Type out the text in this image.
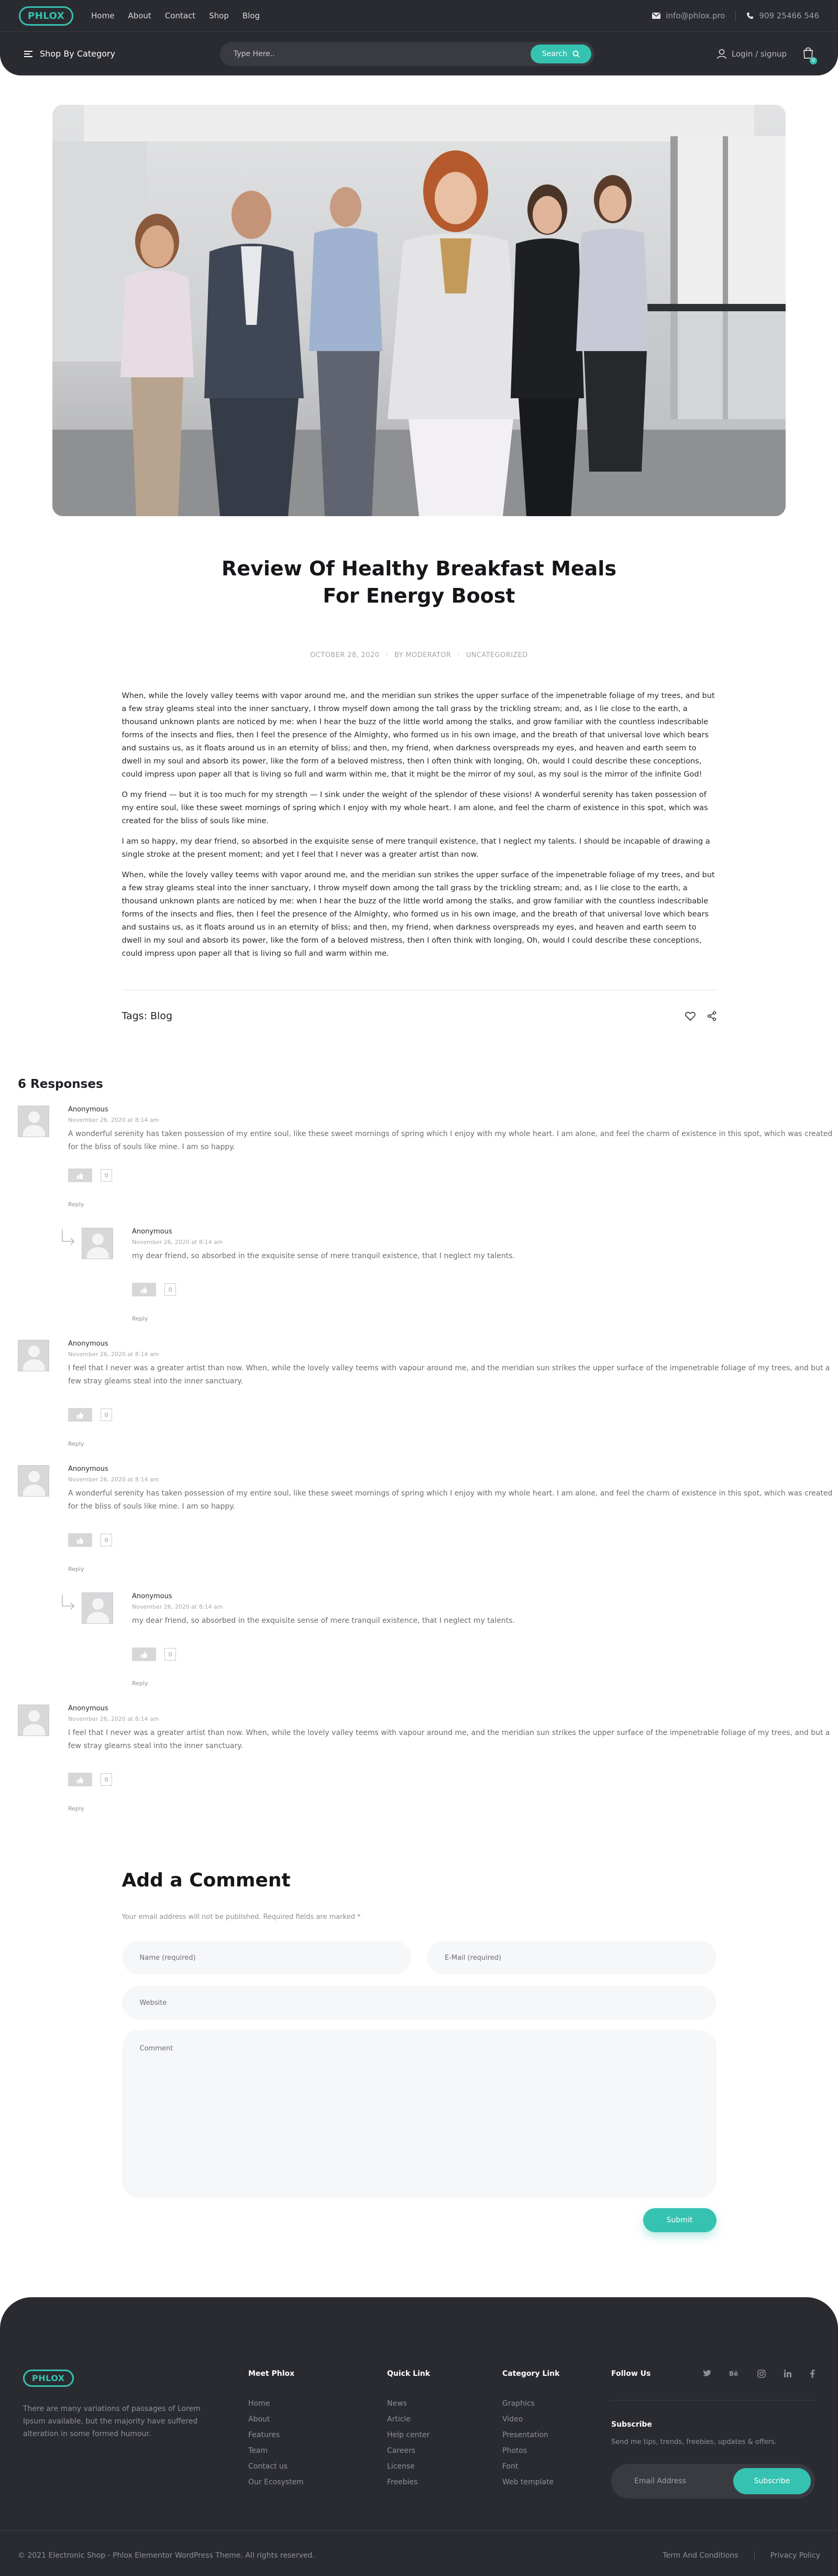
PHLOX	Home About Contact Shop Blog	info@phlox.pro	909 25466 546
Shop By Category
Type Here..	Search	Login / signup
0
Review Of Healthy Breakfast Meals
For Energy Boost
OCTOBER 28, 2020 · BY MODERATOR · UNCATEGORIZED

When, while the lovely valley teems with vapor around me, and the meridian sun strikes the upper surface of the impenetrable foliage of my trees, and but a few stray gleams steal into the inner sanctuary, I throw myself down among the tall grass by the trickling stream; and, as I lie close to the earth, a thousand unknown plants are noticed by me: when I hear the buzz of the little world among the stalks, and grow familiar with the countless indescribable forms of the insects and flies, then I feel the presence of the Almighty, who formed us in his own image, and the breath of that universal love which bears and sustains us, as it floats around us in an eternity of bliss; and then, my friend, when darkness overspreads my eyes, and heaven and earth seem to dwell in my soul and absorb its power, like the form of a beloved mistress, then I often think with longing, Oh, would I could describe these conceptions, could impress upon paper all that is living so full and warm within me, that it might be the mirror of my soul, as my soul is the mirror of the infinite God!

O my friend — but it is too much for my strength — I sink under the weight of the splendor of these visions! A wonderful serenity has taken possession of my entire soul, like these sweet mornings of spring which I enjoy with my whole heart. I am alone, and feel the charm of existence in this spot, which was created for the bliss of souls like mine.

I am so happy, my dear friend, so absorbed in the exquisite sense of mere tranquil existence, that I neglect my talents. I should be incapable of drawing a single stroke at the present moment; and yet I feel that I never was a greater artist than now.

When, while the lovely valley teems with vapor around me, and the meridian sun strikes the upper surface of the impenetrable foliage of my trees, and but a few stray gleams steal into the inner sanctuary, I throw myself down among the tall grass by the trickling stream; and, as I lie close to the earth, a thousand unknown plants are noticed by me: when I hear the buzz of the little world among the stalks, and grow familiar with the countless indescribable forms of the insects and flies, then I feel the presence of the Almighty, who formed us in his own image, and the breath of that universal love which bears and sustains us, as it floats around us in an eternity of bliss; and then, my friend, when darkness overspreads my eyes, and heaven and earth seem to dwell in my soul and absorb its power, like the form of a beloved mistress, then I often think with longing, Oh, would I could describe these conceptions, could impress upon paper all that is living so full and warm within me.

Tags: Blog
6 Responses
Anonymous
November 26, 2020 at 8:14 am
A wonderful serenity has taken possession of my entire soul, like these sweet mornings of spring which I enjoy with my whole heart. I am alone, and feel the charm of existence in this spot, which was created for the bliss of souls like mine. I am so happy.
0
Reply
Anonymous
November 26, 2020 at 8:14 am
my dear friend, so absorbed in the exquisite sense of mere tranquil existence, that I neglect my talents.
0
Reply
Anonymous
November 26, 2020 at 8:14 am
I feel that I never was a greater artist than now. When, while the lovely valley teems with vapour around me, and the meridian sun strikes the upper surface of the impenetrable foliage of my trees, and but a few stray gleams steal into the inner sanctuary.
0
Reply
Anonymous
November 26, 2020 at 8:14 am
A wonderful serenity has taken possession of my entire soul, like these sweet mornings of spring which I enjoy with my whole heart. I am alone, and feel the charm of existence in this spot, which was created for the bliss of souls like mine. I am so happy.
0
Reply
Anonymous
November 26, 2020 at 8:14 am
my dear friend, so absorbed in the exquisite sense of mere tranquil existence, that I neglect my talents.
0
Reply
Anonymous
November 26, 2020 at 8:14 am
I feel that I never was a greater artist than now. When, while the lovely valley teems with vapour around me, and the meridian sun strikes the upper surface of the impenetrable foliage of my trees, and but a few stray gleams steal into the inner sanctuary.
0
Reply
Add a Comment
Your email address will not be published. Required fields are marked *
Name (required)
E-Mail (required)
Website
Comment
Submit
PHLOX

There are many variations of passages of Lorem Ipsum available, but the majority have suffered alteration in some formed humour.

Meet Phlox
Home
About
Features
Team
Contact us
Our Ecosystem
Quick Link
News
Article
Help center
Careers
License
Freebies
Category Link
Graphics
Video
Presentation
Photos
Font
Web template
Follow Us	Bē
Subscribe
Send me tips, trends, freebies, updates & offers.
Email Address
Subscribe
© 2021 Electronic Shop - Phlox Elementor WordPress Theme. All rights reserved.	Term And Conditions	Privacy Policy
